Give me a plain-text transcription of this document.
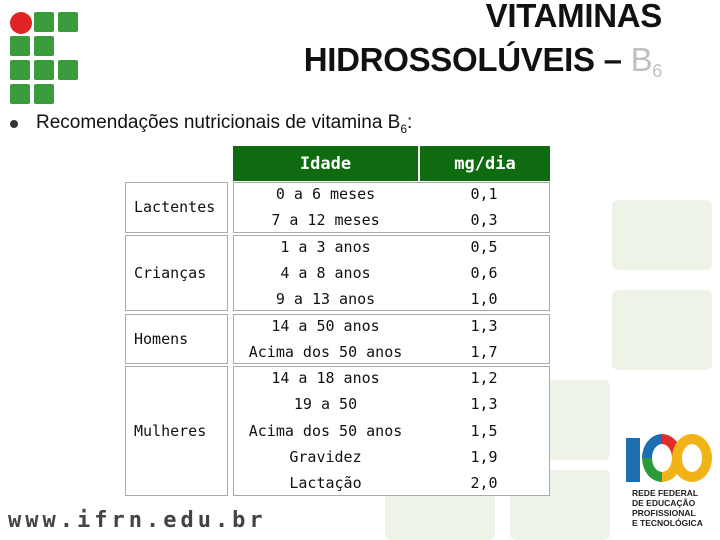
VITAMINAS
HIDROSSOLÚVEIS – $B_6$
Recomendações nutricionais de vitamina $B_6$:
Idade	mg/dia
Lactentes
0 a 6 meses	0,1
7 a 12 meses	0,3
Crianças
1 a 3 anos	0,5
4 a 8 anos	0,6
9 a 13 anos	1,0
Homens
14 a 50 anos	1,3
Acima dos 50 anos	1,7
Mulheres
14 a 18 anos	1,2
19 a 50	1,3
Acima dos 50 anos	1,5
Gravidez	1,9
Lactação	2,0
www.ifrn.edu.br
REDE FEDERAL
DE EDUCAÇÃO
PROFISSIONAL
E TECNOLÓGICA
